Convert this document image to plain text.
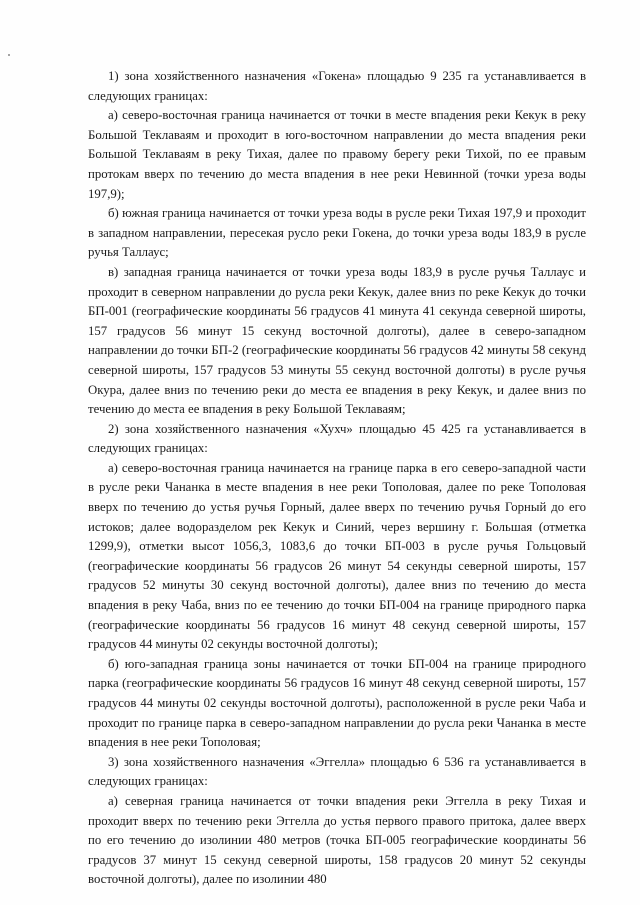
1) зона хозяйственного назначения «Гокена» площадью 9 235 га устанавливается в следующих границах:

а) северо-восточная граница начинается от точки в месте впадения реки Кекук в реку Большой Теклаваям и проходит в юго-восточном направлении до места впадения реки Большой Теклаваям в реку Тихая, далее по правому берегу реки Тихой, по ее правым протокам вверх по течению до места впадения в нее реки Невинной (точки уреза воды 197,9);

б) южная граница начинается от точки уреза воды в русле реки Тихая 197,9 и проходит в западном направлении, пересекая русло реки Гокена, до точки уреза воды 183,9 в русле ручья Таллаус;

в) западная граница начинается от точки уреза воды 183,9 в русле ручья Таллаус и проходит в северном направлении до русла реки Кекук, далее вниз по реке Кекук до точки БП-001 (географические координаты 56 градусов 41 минута 41 секунда северной широты, 157 градусов 56 минут 15 секунд восточной долготы), далее в северо-западном направлении до точки БП-2 (географические координаты 56 градусов 42 минуты 58 секунд северной широты, 157 градусов 53 минуты 55 секунд восточной долготы) в русле ручья Окура, далее вниз по течению реки до места ее впадения в реку Кекук, и далее вниз по течению до места ее впадения в реку Большой Теклаваям;

2) зона хозяйственного назначения «Хухч» площадью 45 425 га устанавливается в следующих границах:

а) северо-восточная граница начинается на границе парка в его северо-западной части в русле реки Чананка в месте впадения в нее реки Тополовая, далее по реке Тополовая вверх по течению до устья ручья Горный, далее вверх по течению ручья Горный до его истоков; далее водоразделом рек Кекук и Синий, через вершину г. Большая (отметка 1299,9), отметки высот 1056,3, 1083,6 до точки БП-003 в русле ручья Гольцовый (географические координаты 56 градусов 26 минут 54 секунды северной широты, 157 градусов 52 минуты 30 секунд восточной долготы), далее вниз по течению до места впадения в реку Чаба, вниз по ее течению до точки БП-004 на границе природного парка (географические координаты 56 градусов 16 минут 48 секунд северной широты, 157 градусов 44 минуты 02 секунды восточной долготы);

б) юго-западная граница зоны начинается от точки БП-004 на границе природного парка (географические координаты 56 градусов 16 минут 48 секунд северной широты, 157 градусов 44 минуты 02 секунды восточной долготы), расположенной в русле реки Чаба и проходит по границе парка в северо-западном направлении до русла реки Чананка в месте впадения в нее реки Тополовая;

3) зона хозяйственного назначения «Эггелла» площадью 6 536 га устанавливается в следующих границах:

а) северная граница начинается от точки впадения реки Эггелла в реку Тихая и проходит вверх по течению реки Эггелла до устья первого правого притока, далее вверх по его течению до изолинии 480 метров (точка БП-005 географические координаты 56 градусов 37 минут 15 секунд северной широты, 158 градусов 20 минут 52 секунды восточной долготы), далее по изолинии 480
